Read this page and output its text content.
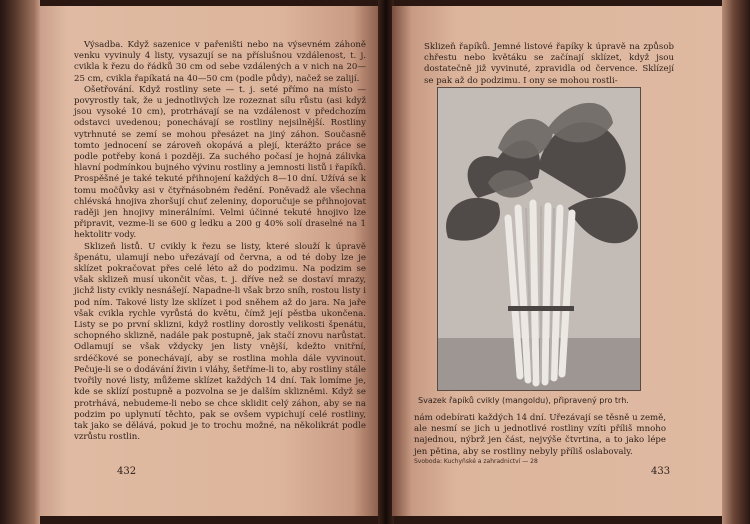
Výsadba. Když sazenice v pařeništi nebo na výsevném záhoně venku vyvinuly 4 listy, vysazují se na příslušnou vzdálenost, t. j. cvikla k řezu do řádků 30 cm od sebe vzdálených a v nich na 20—25 cm, cvikla řapíkatá na 40—50 cm (podle půdy), načež se zalijí.

Ošetřování. Když rostliny sete — t. j. seté přímo na místo — povyrostly tak, že u jednotlivých lze rozeznat sílu růstu (asi když jsou vysoké 10 cm), protrhávají se na vzdálenost v předchozím odstavci uvedenou; ponechávají se rostliny nejsilnější. Rostliny vytrhnuté se zemí se mohou přesázet na jiný záhon. Současně tomto jednocení se zároveň okopává a plejí, kterážto práce se podle potřeby koná i později. Za suchého počasí je hojná zálivka hlavní podmínkou bujného vývinu rostliny a jemnosti listů i řapíků. Prospěšné je také tekuté přihnojení každých 8—10 dní. Užívá se k tomu močůvky asi v čtyřnásobném ředění. Poněvadž ale všechna chlévská hnojiva zhoršují chuť zeleniny, doporučuje se přihnojovat raději jen hnojivy minerálními. Velmi účinné tekuté hnojivo lze připravit, vezme-li se 600 g ledku a 200 g 40% solí draselné na 1 hektolitr vody.

Sklizeň listů. U cvikly k řezu se listy, které slouží k úpravě špenátu, ulamují nebo uřezávají od června, a od té doby lze je sklízet pokračovat přes celé léto až do podzimu. Na podzim se však sklizeň musí ukončit včas, t. j. dříve než se dostaví mrazy, jichž listy cvikly nesnášejí. Napadne-li však brzo sníh, rostou listy i pod ním. Takové listy lze sklízet i pod sněhem až do jara. Na jaře však cvikla rychle vyrůstá do květu, čímž její pěstba ukončena. Listy se po první sklizni, když rostliny dorostly velikosti špenátu, schopného sklizně, nadále pak postupně, jak stačí znovu narůstat. Odlamují se však vždycky jen listy vnější, kdežto vnitřní, srdéčkové se ponechávají, aby se rostlina mohla dále vyvinout. Pečuje-li se o dodávání živin i vláhy, šetříme-li to, aby rostliny stále tvořily nové listy, můžeme sklízet každých 14 dní. Tak lomíme je, kde se sklízí postupně a pozvolna se je dalším sklizněmi. Když se protrhává, nebudeme-li nebo se chce sklidit celý záhon, aby se na podzim po uplynutí těchto, pak se ovšem vypichují celé rostliny, tak jako se dělává, pokud je to trochu možné, na několikrát podle vzrůstu rostlin.

432
Sklizeň řapíků. Jemné listové řapíky k úpravě na způsob chřestu nebo květáku se začínají sklízet, když jsou dostatečně již vyvinuté, zpravidla od července. Sklízejí se pak až do podzimu. I ony se mohou rostli-
Svazek řapíků cvikly (mangoldu), připravený pro trh.
nám odebírati každých 14 dní. Uřezávají se těsně u země, ale nesmí se jich u jednotlivé rostliny vzíti příliš mnoho najednou, nýbrž jen část, nejvýše čtvrtina, a to jako lépe jen pětina, aby se rostliny nebyly příliš oslabovaly.
Svoboda: Kuchyňské a zahradnictví — 28
433
